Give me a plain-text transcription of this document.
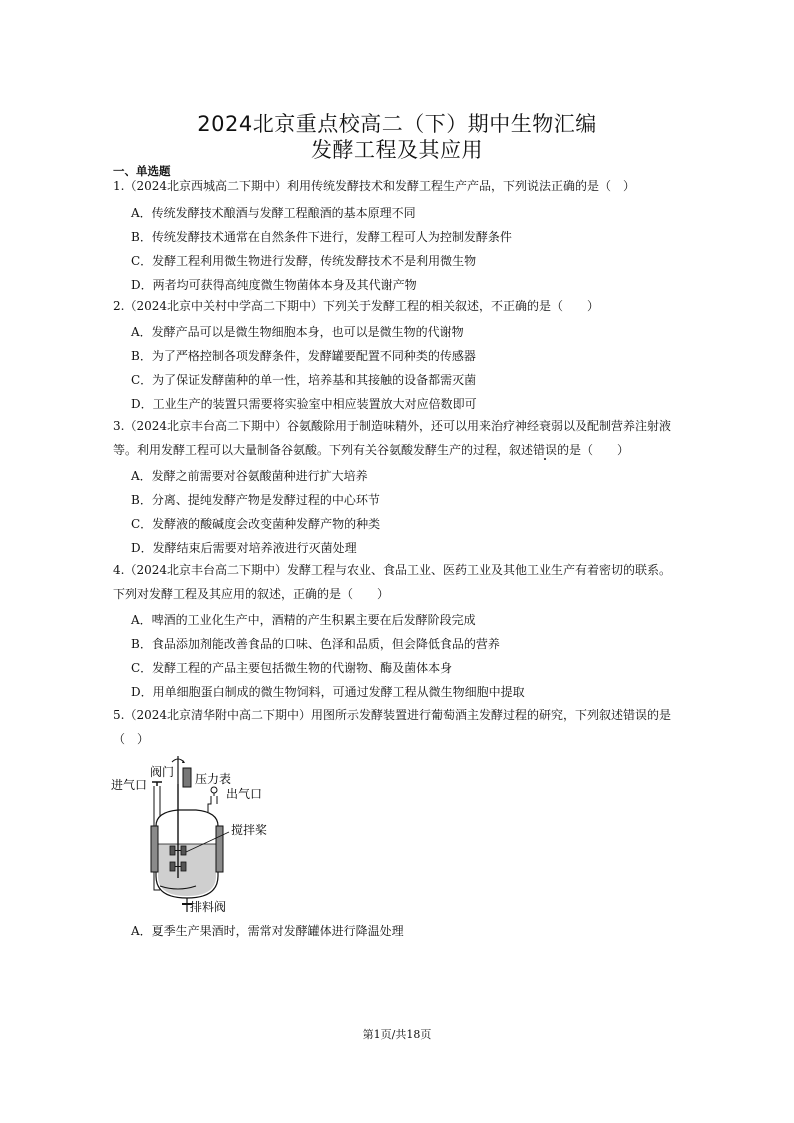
2024北京重点校高二（下）期中生物汇编
发酵工程及其应用
一、单选题
1.（2024北京西城高二下期中）利用传统发酵技术和发酵工程生产产品，下列说法正确的是（　）
A．传统发酵技术酿酒与发酵工程酿酒的基本原理不同
B．传统发酵技术通常在自然条件下进行，发酵工程可人为控制发酵条件
C．发酵工程利用微生物进行发酵，传统发酵技术不是利用微生物
D．两者均可获得高纯度微生物菌体本身及其代谢产物
2.（2024北京中关村中学高二下期中）下列关于发酵工程的相关叙述，不正确的是（　　）
A．发酵产品可以是微生物细胞本身，也可以是微生物的代谢物
B．为了严格控制各项发酵条件，发酵罐要配置不同种类的传感器
C．为了保证发酵菌种的单一性，培养基和其接触的设备都需灭菌
D．工业生产的装置只需要将实验室中相应装置放大对应倍数即可
3.（2024北京丰台高二下期中）谷氨酸除用于制造味精外，还可以用来治疗神经衰弱以及配制营养注射液
等。利用发酵工程可以大量制备谷氨酸。下列有关谷氨酸发酵生产的过程，叙述错误的是（　　）
A．发酵之前需要对谷氨酸菌种进行扩大培养
B．分离、提纯发酵产物是发酵过程的中心环节
C．发酵液的酸碱度会改变菌种发酵产物的种类
D．发酵结束后需要对培养液进行灭菌处理
4.（2024北京丰台高二下期中）发酵工程与农业、食品工业、医药工业及其他工业生产有着密切的联系。
下列对发酵工程及其应用的叙述，正确的是（　　）
A．啤酒的工业化生产中，酒精的产生积累主要在后发酵阶段完成
B．食品添加剂能改善食品的口味、色泽和品质，但会降低食品的营养
C．发酵工程的产品主要包括微生物的代谢物、酶及菌体本身
D．用单细胞蛋白制成的微生物饲料，可通过发酵工程从微生物细胞中提取
5.（2024北京清华附中高二下期中）用图所示发酵装置进行葡萄酒主发酵过程的研究，下列叙述错误的是
（　）
阀门 压力表
进气口
出气口
搅拌桨
排料阀
A．夏季生产果酒时，需常对发酵罐体进行降温处理
第1页/共18页
